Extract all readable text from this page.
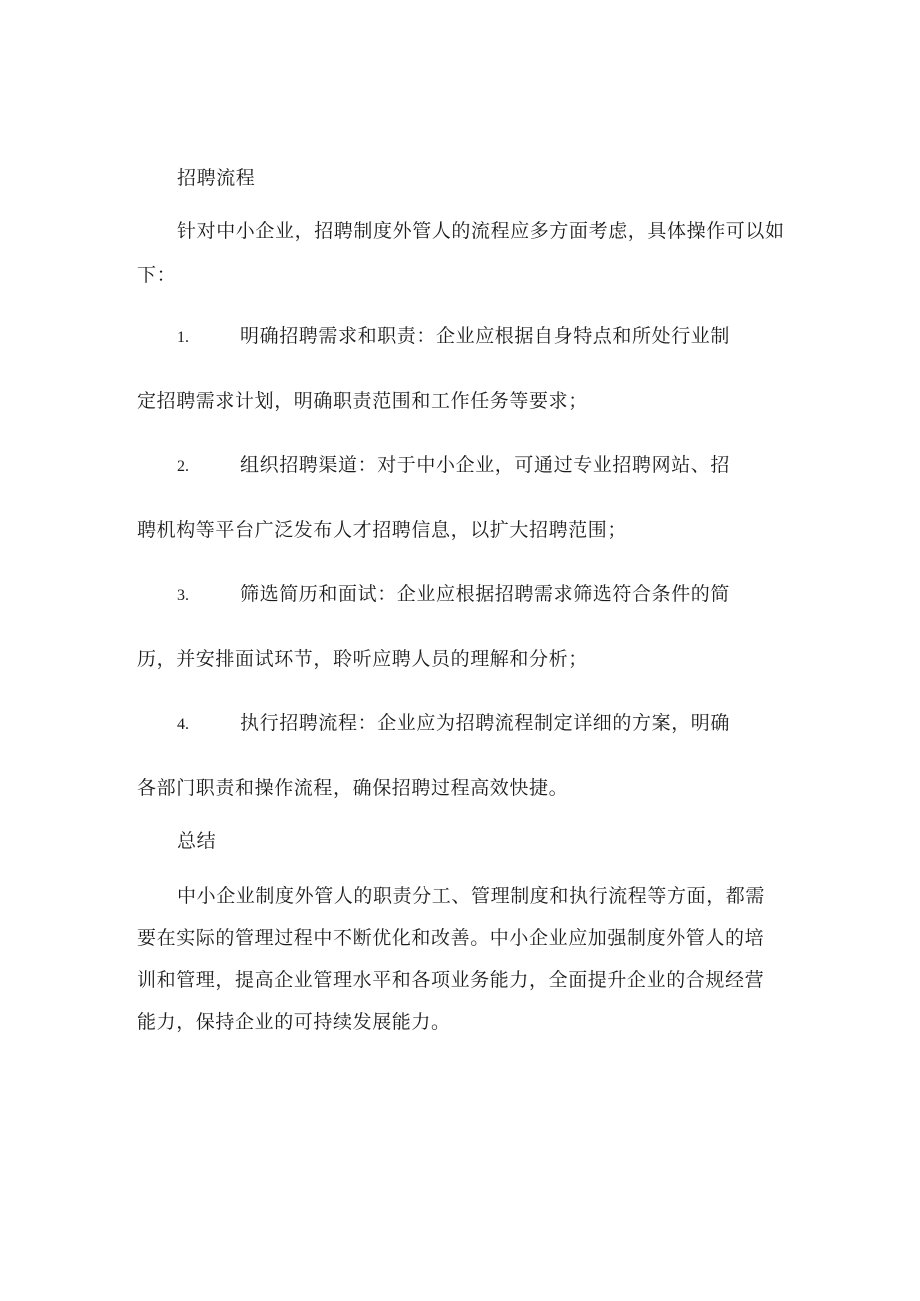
招聘流程
针对中小企业，招聘制度外管人的流程应多方面考虑，具体操作可以如
下：
1.	明确招聘需求和职责：企业应根据自身特点和所处行业制
定招聘需求计划，明确职责范围和工作任务等要求；
2.	组织招聘渠道：对于中小企业，可通过专业招聘网站、招
聘机构等平台广泛发布人才招聘信息，以扩大招聘范围；
3.	筛选简历和面试：企业应根据招聘需求筛选符合条件的简
历，并安排面试环节，聆听应聘人员的理解和分析；
4.	执行招聘流程：企业应为招聘流程制定详细的方案，明确
各部门职责和操作流程，确保招聘过程高效快捷。
总结
中小企业制度外管人的职责分工、管理制度和执行流程等方面，都需
要在实际的管理过程中不断优化和改善。中小企业应加强制度外管人的培
训和管理，提高企业管理水平和各项业务能力，全面提升企业的合规经营
能力，保持企业的可持续发展能力。
